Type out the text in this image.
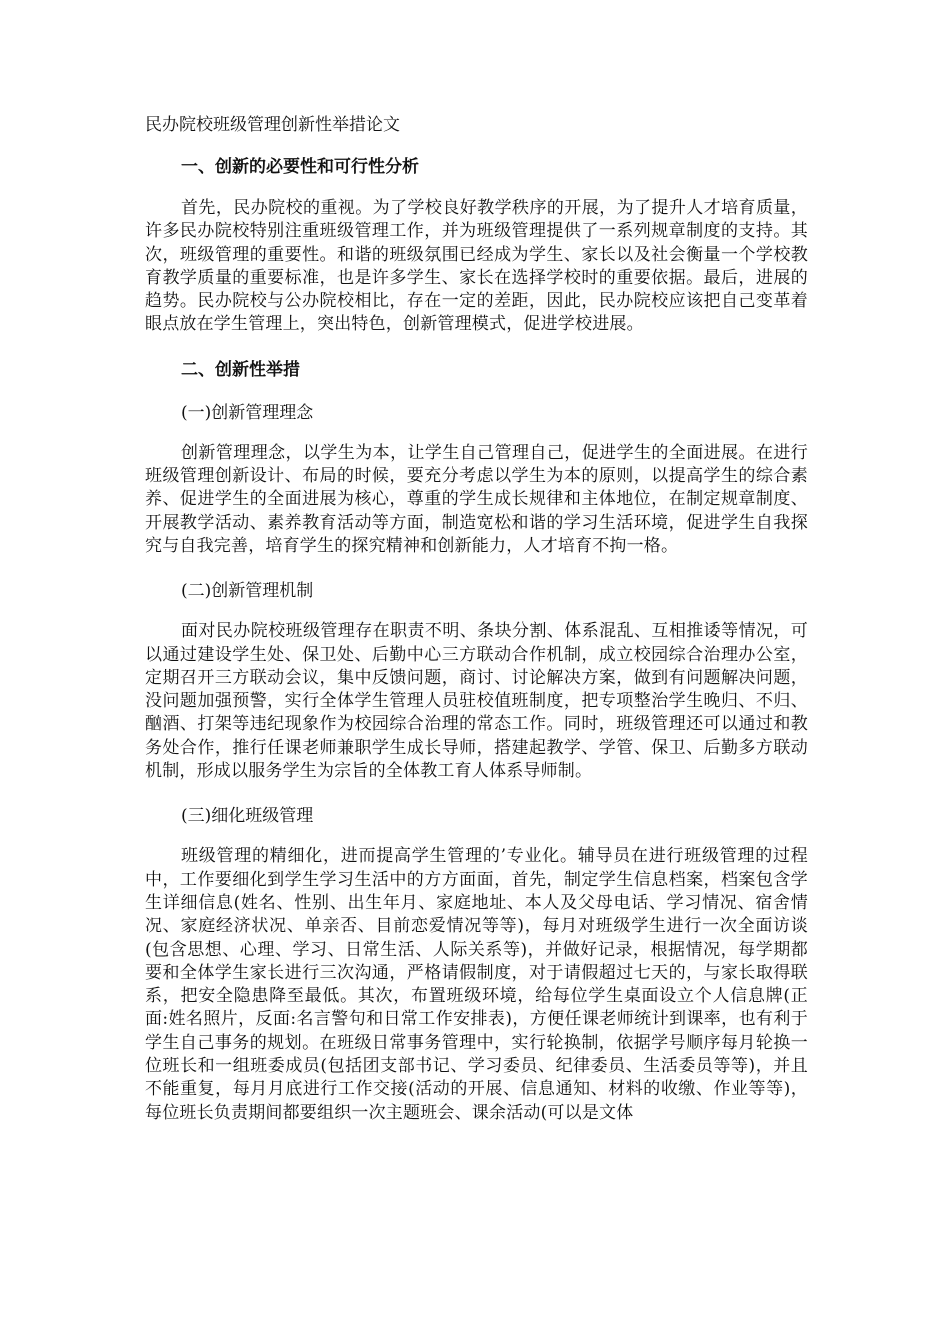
民办院校班级管理创新性举措论文

一、创新的必要性和可行性分析

首先，民办院校的重视。为了学校良好教学秩序的开展，为了提升人才培育质量，许多民办院校特别注重班级管理工作，并为班级管理提供了一系列规章制度的支持。其次，班级管理的重要性。和谐的班级氛围已经成为学生、家长以及社会衡量一个学校教育教学质量的重要标准，也是许多学生、家长在选择学校时的重要依据。最后，进展的趋势。民办院校与公办院校相比，存在一定的差距，因此，民办院校应该把自己变革着眼点放在学生管理上，突出特色，创新管理模式，促进学校进展。

二、创新性举措

(一)创新管理理念

创新管理理念，以学生为本，让学生自己管理自己，促进学生的全面进展。在进行班级管理创新设计、布局的时候，要充分考虑以学生为本的原则，以提高学生的综合素养、促进学生的全面进展为核心，尊重的学生成长规律和主体地位，在制定规章制度、开展教学活动、素养教育活动等方面，制造宽松和谐的学习生活环境，促进学生自我探究与自我完善，培育学生的探究精神和创新能力，人才培育不拘一格。

(二)创新管理机制

面对民办院校班级管理存在职责不明、条块分割、体系混乱、互相推诿等情况，可以通过建设学生处、保卫处、后勤中心三方联动合作机制，成立校园综合治理办公室，定期召开三方联动会议，集中反馈问题，商讨、讨论解决方案，做到有问题解决问题，没问题加强预警，实行全体学生管理人员驻校值班制度，把专项整治学生晚归、不归、酗酒、打架等违纪现象作为校园综合治理的常态工作。同时，班级管理还可以通过和教务处合作，推行任课老师兼职学生成长导师，搭建起教学、学管、保卫、后勤多方联动机制，形成以服务学生为宗旨的全体教工育人体系导师制。

(三)细化班级管理

班级管理的精细化，进而提高学生管理的’专业化。辅导员在进行班级管理的过程中，工作要细化到学生学习生活中的方方面面，首先，制定学生信息档案，档案包含学生详细信息(姓名、性别、出生年月、家庭地址、本人及父母电话、学习情况、宿舍情况、家庭经济状况、单亲否、目前恋爱情况等等)，每月对班级学生进行一次全面访谈(包含思想、心理、学习、日常生活、人际关系等)，并做好记录，根据情况，每学期都要和全体学生家长进行三次沟通，严格请假制度，对于请假超过七天的，与家长取得联系，把安全隐患降至最低。其次，布置班级环境，给每位学生桌面设立个人信息牌(正面:姓名照片，反面:名言警句和日常工作安排表)，方便任课老师统计到课率，也有利于学生自己事务的规划。在班级日常事务管理中，实行轮换制，依据学号顺序每月轮换一位班长和一组班委成员(包括团支部书记、学习委员、纪律委员、生活委员等等)，并且不能重复，每月月底进行工作交接(活动的开展、信息通知、材料的收缴、作业等等)，每位班长负责期间都要组织一次主题班会、课余活动(可以是文体
